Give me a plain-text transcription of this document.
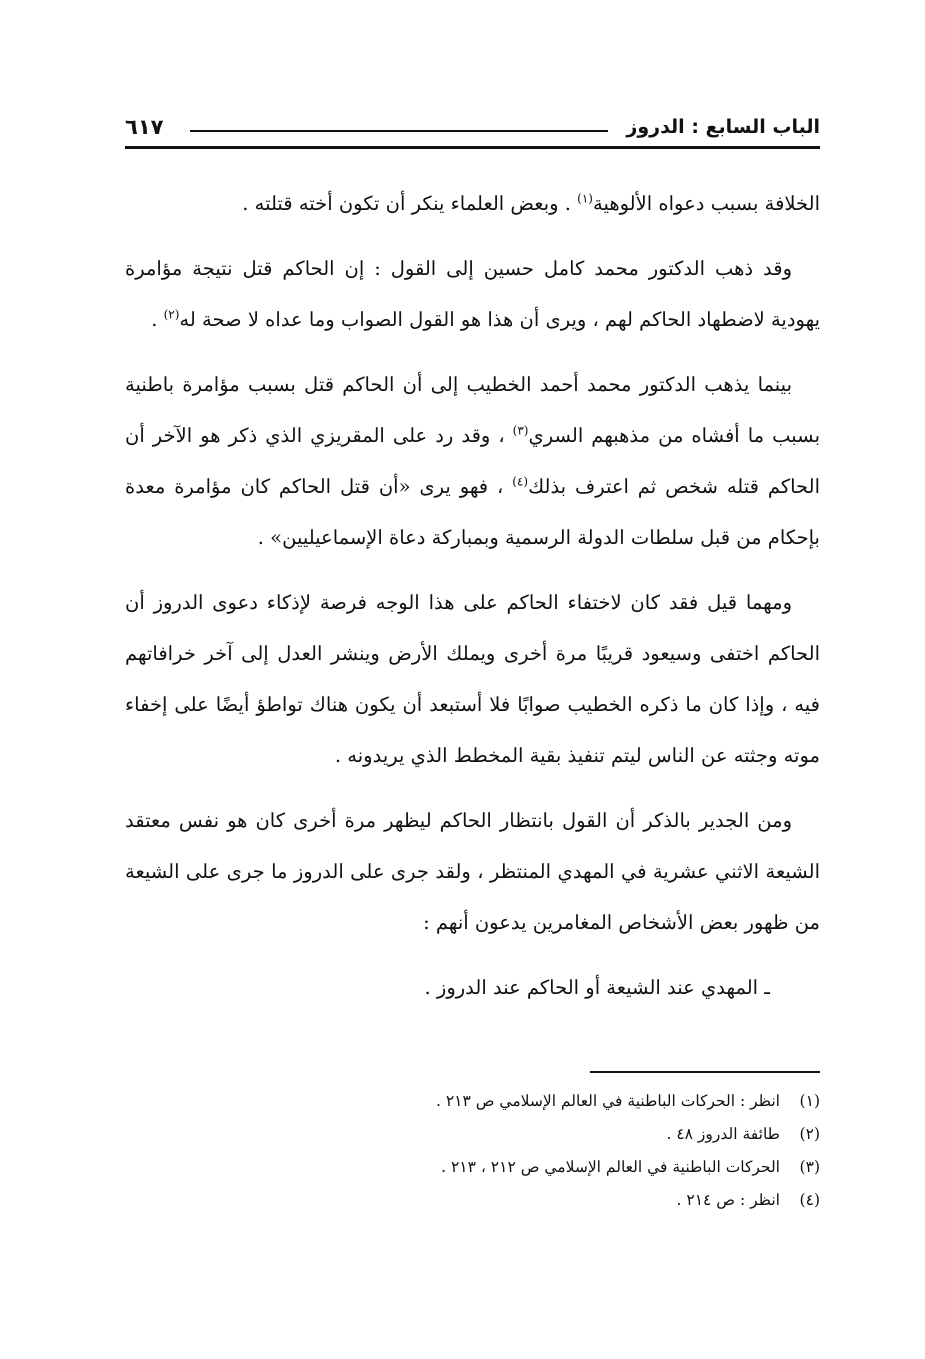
الباب السابع : الدروز
٦١٧

الخلافة بسبب دعواه الألوهية$^{(١)}$ . وبعض العلماء ينكر أن تكون أخته قتلته .

وقد ذهب الدكتور محمد كامل حسين إلى القول : إن الحاكم قتل نتيجة مؤامرة يهودية لاضطهاد الحاكم لهم ، ويرى أن هذا هو القول الصواب وما عداه لا صحة له$^{(٢)}$ .

بينما يذهب الدكتور محمد أحمد الخطيب إلى أن الحاكم قتل بسبب مؤامرة باطنية بسبب ما أفشاه من مذهبهم السري$^{(٣)}$ ، وقد رد على المقريزي الذي ذكر هو الآخر أن الحاكم قتله شخص ثم اعترف بذلك$^{(٤)}$ ، فهو يرى «أن قتل الحاكم كان مؤامرة معدة بإحكام من قبل سلطات الدولة الرسمية وبمباركة دعاة الإسماعيليين» .

ومهما قيل فقد كان لاختفاء الحاكم على هذا الوجه فرصة لإذكاء دعوى الدروز أن الحاكم اختفى وسيعود قريبًا مرة أخرى ويملك الأرض وينشر العدل إلى آخر خرافاتهم فيه ، وإذا كان ما ذكره الخطيب صوابًا فلا أستبعد أن يكون هناك تواطؤ أيضًا على إخفاء موته وجثته عن الناس ليتم تنفيذ بقية المخطط الذي يريدونه .

ومن الجدير بالذكر أن القول بانتظار الحاكم ليظهر مرة أخرى كان هو نفس معتقد الشيعة الاثني عشرية في المهدي المنتظر ، ولقد جرى على الدروز ما جرى على الشيعة من ظهور بعض الأشخاص المغامرين يدعون أنهم :

ـ المهدي عند الشيعة أو الحاكم عند الدروز .

(١)
انظر : الحركات الباطنية في العالم الإسلامي ص ٢١٣ .
(٢)
طائفة الدروز ٤٨ .
(٣)
الحركات الباطنية في العالم الإسلامي ص ٢١٢ ، ٢١٣ .
(٤)
انظر : ص ٢١٤ .
